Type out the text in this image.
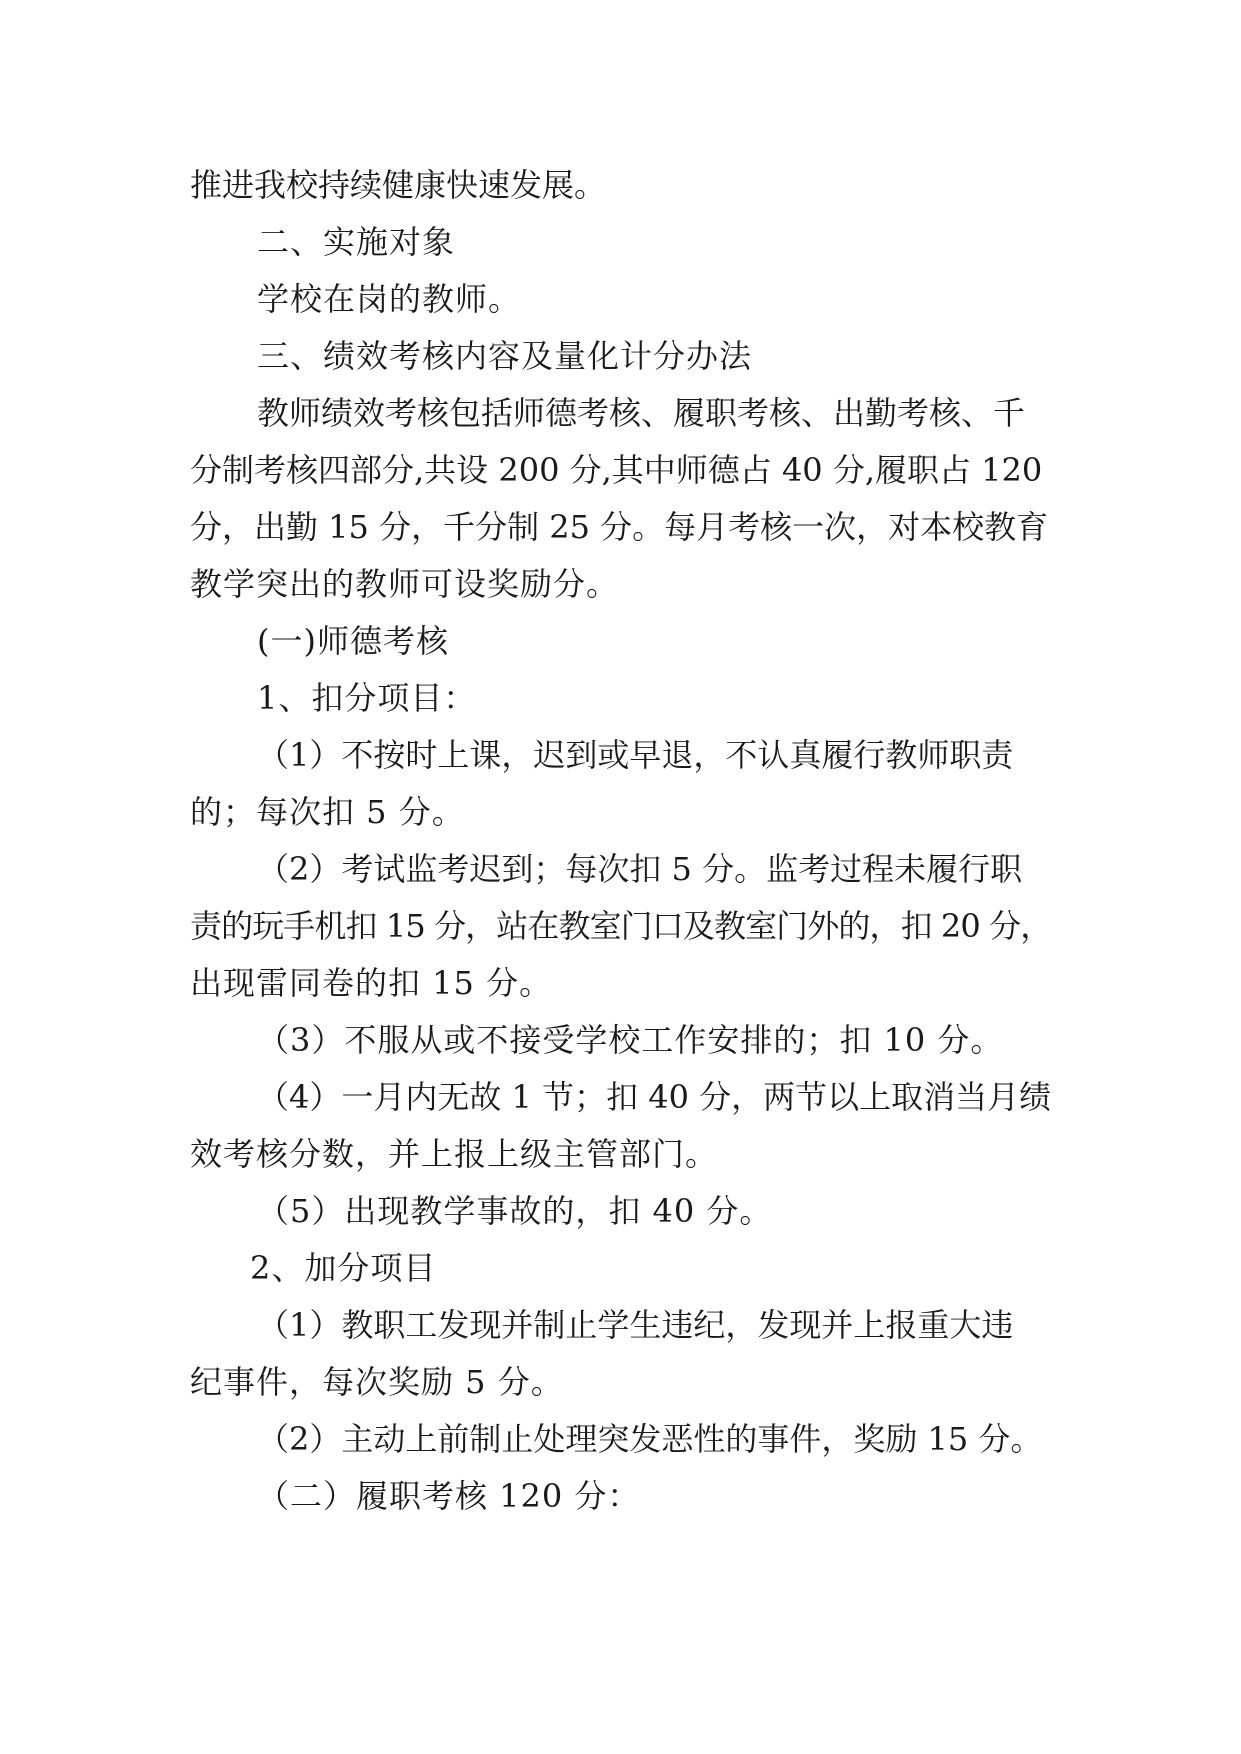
推进我校持续健康快速发展。
二、实施对象
学校在岗的教师。
三、绩效考核内容及量化计分办法
教师绩效考核包括师德考核、履职考核、出勤考核、千
分制考核四部分,共设 200 分,其中师德占 40 分,履职占 120
分，出勤 15 分，千分制 25 分。每月考核一次，对本校教育
教学突出的教师可设奖励分。
(一)师德考核
1、扣分项目：
（1）不按时上课，迟到或早退，不认真履行教师职责
的；每次扣 5 分。
（2）考试监考迟到；每次扣 5 分。监考过程未履行职
责的玩手机扣 15 分，站在教室门口及教室门外的，扣 20 分，
出现雷同卷的扣 15 分。
（3）不服从或不接受学校工作安排的；扣 10 分。
（4）一月内无故 1 节；扣 40 分，两节以上取消当月绩
效考核分数，并上报上级主管部门。
（5）出现教学事故的，扣 40 分。
2、加分项目
（1）教职工发现并制止学生违纪，发现并上报重大违
纪事件，每次奖励 5 分。
（2）主动上前制止处理突发恶性的事件，奖励 15 分。
（二）履职考核 120 分：
